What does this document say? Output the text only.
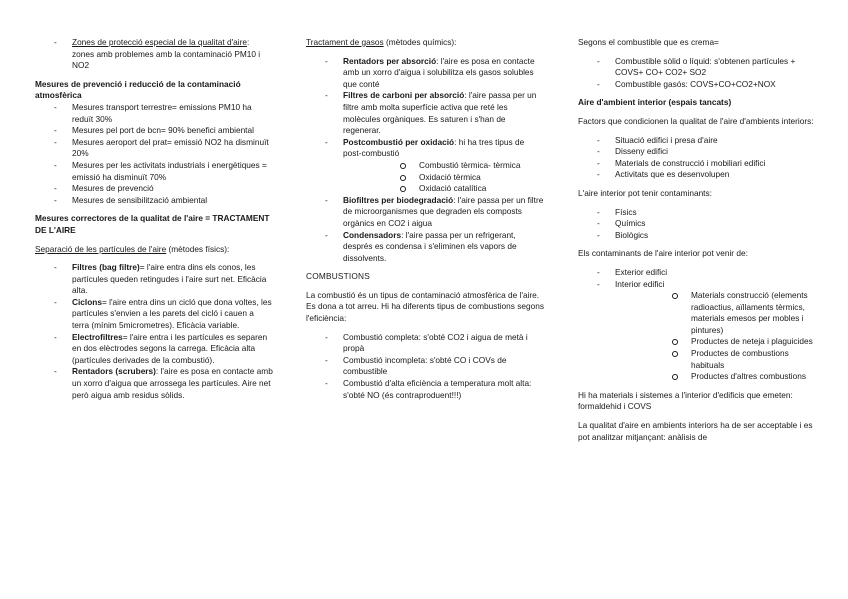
- Zones de protecció especial de la qualitat d'aire: zones amb problemes amb la contaminació PM10 i NO2

Mesures de prevenció i reducció de la contaminació atmosfèrica

- Mesures transport terrestre= emissions PM10 ha reduït 30%
- Mesures pel port de bcn= 90% benefici ambiental
- Mesures aeroport del prat= emissió NO2 ha disminuït 20%
- Mesures per les activitats industrials i energètiques = emissió ha disminuït 70%
- Mesures de prevenció
- Mesures de sensibilització ambiental

Mesures correctores de la qualitat de l'aire = TRACTAMENT DE L'AIRE

Separació de les partícules de l'aire (mètodes físics):

- Filtres (bag filtre)= l'aire entra dins els conos, les partícules queden retingudes i l'aire surt net. Eficàcia alta.
- Ciclons= l'aire entra dins un cicló que dona voltes, les partícules s'envien a les parets del cicló i cauen a terra (mínim 5micrometres). Eficàcia variable.
- Electrofiltres= l'aire entra i les partícules es separen en dos elèctrodes segons la carrega. Eficàcia alta (partícules derivades de la combustió).
- Rentadors (scrubers): l'aire es posa en contacte amb un xorro d'aigua que arrossega les partícules. Aire net però aigua amb residus sòlids.

Tractament de gasos (mètodes químics):

- Rentadors per absorció: l'aire es posa en contacte amb un xorro d'aigua i solubilitza els gasos solubles que conté
- Filtres de carboni per absorció: l'aire passa per un filtre amb molta superfície activa que reté les molècules orgàniques. Es saturen i s'han de regenerar.
- Postcombustió per oxidació: hi ha tres tipus de post-combustió
Combustió tèrmica- tèrmica
Oxidació tèrmica
Oxidació catalítica
- Biofiltres per biodegradació: l'aire passa per un filtre de microorganismes que degraden els composts orgànics en CO2 i aigua
- Condensadors: l'aire passa per un refrigerant, després es condensa i s'eliminen els vapors de dissolvents.

COMBUSTIONS

La combustió és un tipus de contaminació atmosfèrica de l'aire. Es dona a tot arreu. Hi ha diferents tipus de combustions segons l'eficiència:

- Combustió completa: s'obté CO2 i aigua de metà i propà
- Combustió incompleta: s'obté CO i COVs de combustible
- Combustió d'alta eficiència a temperatura molt alta: s'obté NO (és contraproduent!!!)

Segons el combustible que es crema=

- Combustible sòlid o líquid: s'obtenen partícules + COVS+ CO+ CO2+ SO2
- Combustible gasós: COVS+CO+CO2+NOX

Aire d'ambient interior (espais tancats)

Factors que condicionen la qualitat de l'aire d'ambients interiors:

- Situació edifici i presa d'aire
- Disseny edifici
- Materials de construcció i mobiliari edifici
- Activitats que es desenvolupen

L'aire interior pot tenir contaminants:

- Físics
- Químics
- Biològics

Els contaminants de l'aire interior pot venir de:

- Exterior edifici
- Interior edifici
Materials construcció (elements radioactius, aïllaments tèrmics, materials emesos per mobles i pintures)
Productes de neteja i plaguicides
Productes de combustions habituals
Productes d'altres combustions

Hi ha materials i sistemes a l'interior d'edificis que emeten: formaldehid i COVS

La qualitat d'aire en ambients interiors ha de ser acceptable i es pot analitzar mitjançant: anàlisis de
